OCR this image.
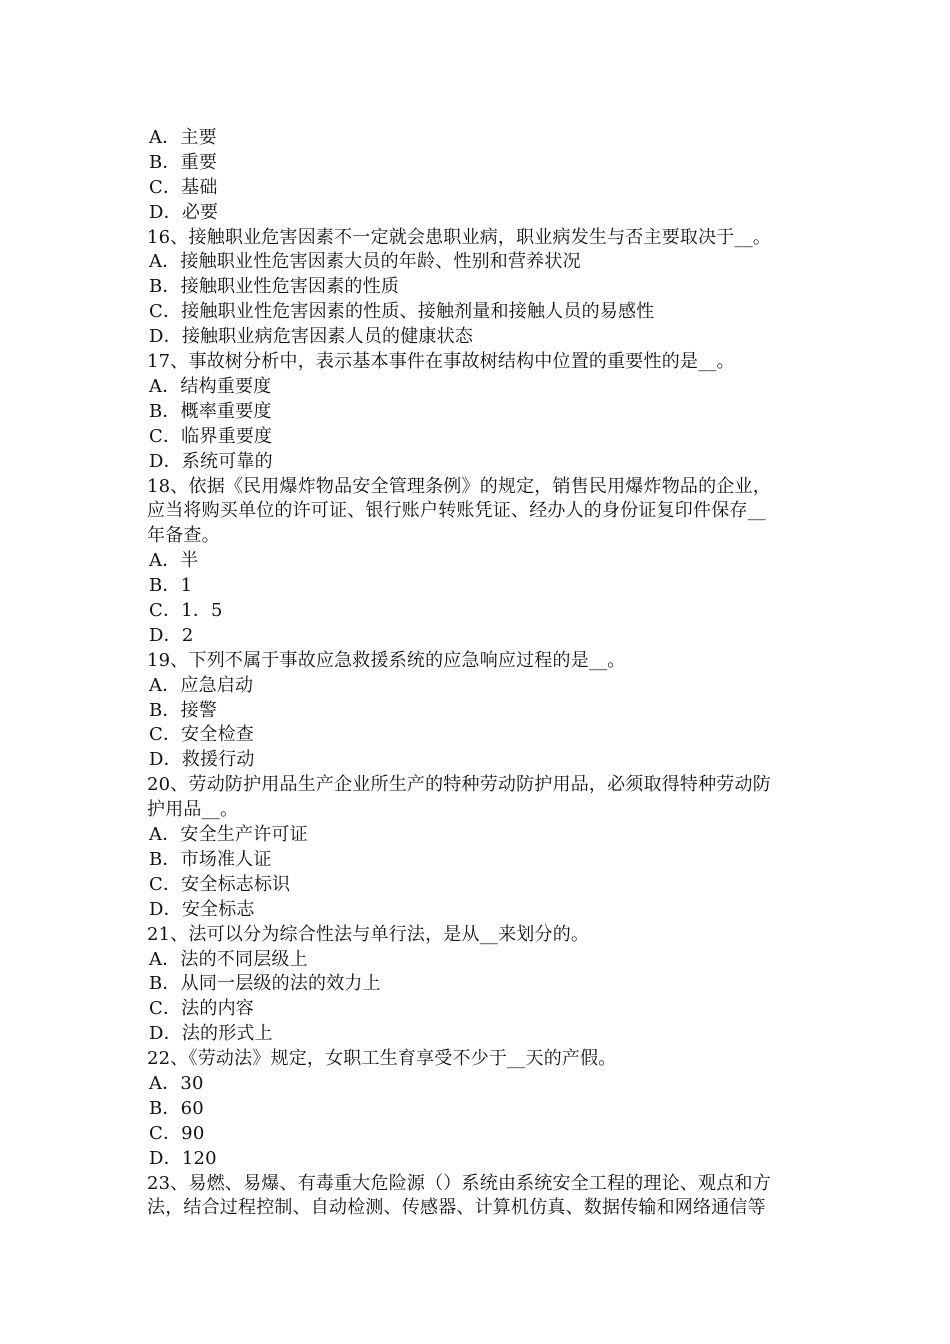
A．主要
B．重要
C．基础
D．必要
16、接触职业危害因素不一定就会患职业病，职业病发生与否主要取决于__。
A．接触职业性危害因素大员的年龄、性别和营养状况
B．接触职业性危害因素的性质
C．接触职业性危害因素的性质、接触剂量和接触人员的易感性
D．接触职业病危害因素人员的健康状态
17、事故树分析中，表示基本事件在事故树结构中位置的重要性的是__。
A．结构重要度
B．概率重要度
C．临界重要度
D．系统可靠的
18、依据《民用爆炸物品安全管理条例》的规定，销售民用爆炸物品的企业，
应当将购买单位的许可证、银行账户转账凭证、经办人的身份证复印件保存__
年备查。
A．半
B．1
C．1．5
D．2
19、下列不属于事故应急救援系统的应急响应过程的是__。
A．应急启动
B．接警
C．安全检查
D．救援行动
20、劳动防护用品生产企业所生产的特种劳动防护用品，必须取得特种劳动防
护用品__。
A．安全生产许可证
B．市场准人证
C．安全标志标识
D．安全标志
21、法可以分为综合性法与单行法，是从__来划分的。
A．法的不同层级上
B．从同一层级的法的效力上
C．法的内容
D．法的形式上
22、《劳动法》规定，女职工生育享受不少于__天的产假。
A．30
B．60
C．90
D．120
23、易燃、易爆、有毒重大危险源（）系统由系统安全工程的理论、观点和方
法，结合过程控制、自动检测、传感器、计算机仿真、数据传输和网络通信等
